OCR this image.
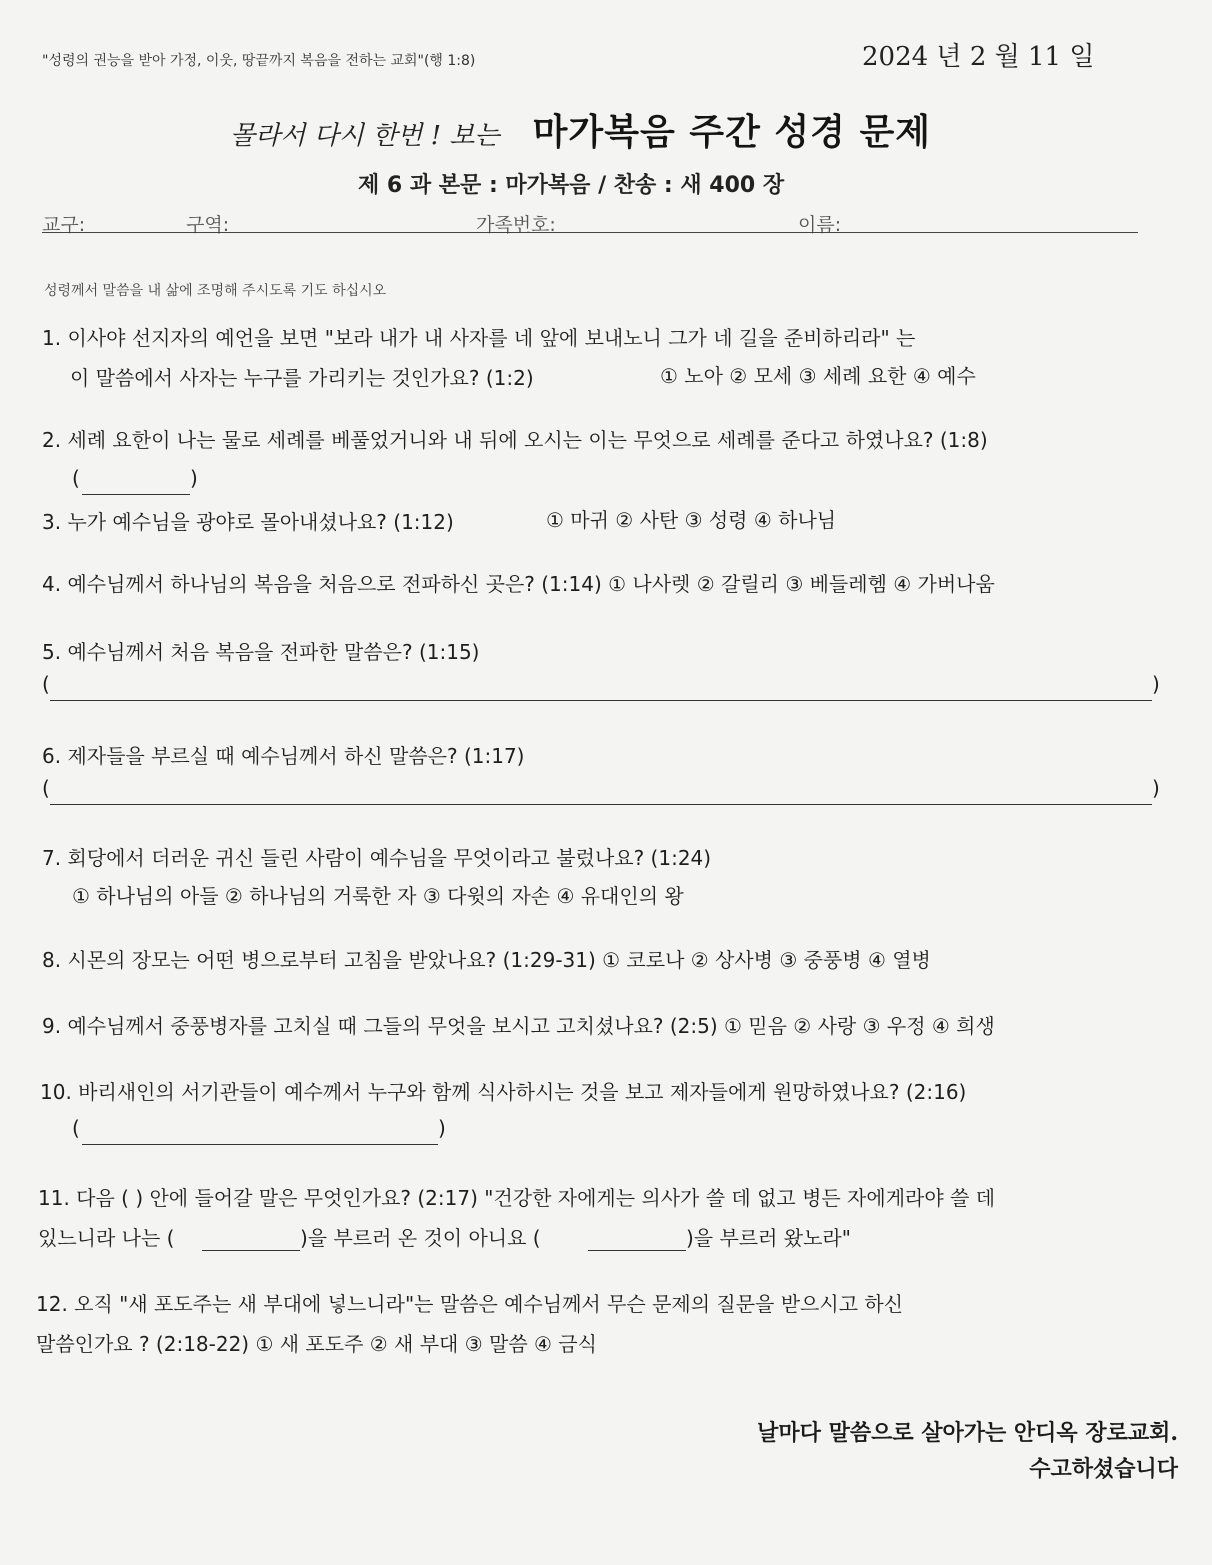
"성령의 권능을 받아 가정, 이웃, 땅끝까지 복음을 전하는 교회"(행 1:8)	2024 년 2 월 11 일
몰라서 다시 한번 ! 보는 마가복음 주간 성경 문제
제 6 과 본문 : 마가복음 / 찬송 : 새 400 장
교구:	구역:	가족번호:	이름:
성령께서 말씀을 내 삶에 조명해 주시도록 기도 하십시오
1. 이사야 선지자의 예언을 보면 "보라 내가 내 사자를 네 앞에 보내노니 그가 네 길을 준비하리라" 는
이 말씀에서 사자는 누구를 가리키는 것인가요? (1:2)	① 노아 ② 모세 ③ 세례 요한 ④ 예수
2. 세례 요한이 나는 물로 세례를 베풀었거니와 내 뒤에 오시는 이는 무엇으로 세례를 준다고 하였나요? (1:8)
(	)
3. 누가 예수님을 광야로 몰아내셨나요? (1:12)	① 마귀 ② 사탄 ③ 성령 ④ 하나님
4. 예수님께서 하나님의 복음을 처음으로 전파하신 곳은? (1:14) ① 나사렛 ② 갈릴리 ③ 베들레헴 ④ 가버나움
5. 예수님께서 처음 복음을 전파한 말씀은? (1:15)
(	)
6. 제자들을 부르실 때 예수님께서 하신 말씀은? (1:17)
(	)
7. 회당에서 더러운 귀신 들린 사람이 예수님을 무엇이라고 불렀나요? (1:24)
① 하나님의 아들 ② 하나님의 거룩한 자 ③ 다윗의 자손 ④ 유대인의 왕
8. 시몬의 장모는 어떤 병으로부터 고침을 받았나요? (1:29-31) ① 코로나 ② 상사병 ③ 중풍병 ④ 열병
9. 예수님께서 중풍병자를 고치실 때 그들의 무엇을 보시고 고치셨나요? (2:5) ① 믿음 ② 사랑 ③ 우정 ④ 희생
10. 바리새인의 서기관들이 예수께서 누구와 함께 식사하시는 것을 보고 제자들에게 원망하였나요? (2:16)
(	)
11. 다음 ( ) 안에 들어갈 말은 무엇인가요? (2:17) "건강한 자에게는 의사가 쓸 데 없고 병든 자에게라야 쓸 데
있느니라 나는 (	)을 부르러 온 것이 아니요 (	)을 부르러 왔노라"
12. 오직 "새 포도주는 새 부대에 넣느니라"는 말씀은 예수님께서 무슨 문제의 질문을 받으시고 하신
말씀인가요 ? (2:18-22) ① 새 포도주 ② 새 부대 ③ 말씀 ④ 금식
날마다 말씀으로 살아가는 안디옥 장로교회.
수고하셨습니다
